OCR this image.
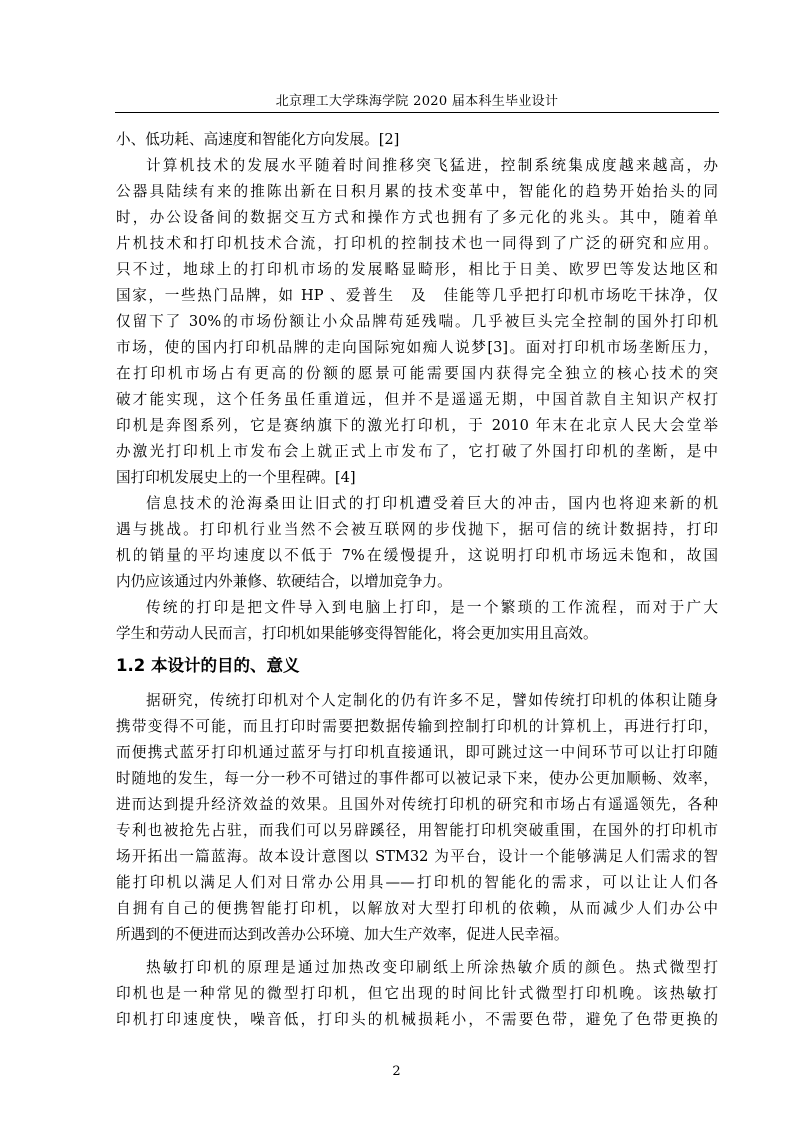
北京理工大学珠海学院 2020 届本科生毕业设计
小、低功耗、高速度和智能化方向发展。[2]
计算机技术的发展水平随着时间推移突飞猛进，控制系统集成度越来越高，办
公器具陆续有来的推陈出新在日积月累的技术变革中，智能化的趋势开始抬头的同
时，办公设备间的数据交互方式和操作方式也拥有了多元化的兆头。其中，随着单
片机技术和打印机技术合流，打印机的控制技术也一同得到了广泛的研究和应用。
只不过，地球上的打印机市场的发展略显畸形，相比于日美、欧罗巴等发达地区和
国家，一些热门品牌，如 HP 、爱普生　及　佳能等几乎把打印机市场吃干抹净，仅
仅留下了 30%的市场份额让小众品牌苟延残喘。几乎被巨头完全控制的国外打印机
市场，使的国内打印机品牌的走向国际宛如痴人说梦[3]。面对打印机市场垄断压力，
在打印机市场占有更高的份额的愿景可能需要国内获得完全独立的核心技术的突
破才能实现，这个任务虽任重道远，但并不是遥遥无期，中国首款自主知识产权打
印机是奔图系列，它是赛纳旗下的激光打印机，于 2010 年末在北京人民大会堂举
办激光打印机上市发布会上就正式上市发布了，它打破了外国打印机的垄断，是中
国打印机发展史上的一个里程碑。[4]
信息技术的沧海桑田让旧式的打印机遭受着巨大的冲击，国内也将迎来新的机
遇与挑战。打印机行业当然不会被互联网的步伐抛下，据可信的统计数据持，打印
机的销量的平均速度以不低于 7%在缓慢提升，这说明打印机市场远未饱和，故国
内仍应该通过内外兼修、软硬结合，以增加竞争力。
传统的打印是把文件导入到电脑上打印，是一个繁琐的工作流程，而对于广大
学生和劳动人民而言，打印机如果能够变得智能化，将会更加实用且高效。
1.2 本设计的目的、意义
据研究，传统打印机对个人定制化的仍有许多不足，譬如传统打印机的体积让随身
携带变得不可能，而且打印时需要把数据传输到控制打印机的计算机上，再进行打印，
而便携式蓝牙打印机通过蓝牙与打印机直接通讯，即可跳过这一中间环节可以让打印随
时随地的发生，每一分一秒不可错过的事件都可以被记录下来，使办公更加顺畅、效率，
进而达到提升经济效益的效果。且国外对传统打印机的研究和市场占有遥遥领先，各种
专利也被抢先占驻，而我们可以另辟蹊径，用智能打印机突破重围，在国外的打印机市
场开拓出一篇蓝海。故本设计意图以 STM32 为平台，设计一个能够满足人们需求的智
能打印机以满足人们对日常办公用具——打印机的智能化的需求，可以让让人们各
自拥有自己的便携智能打印机，以解放对大型打印机的依赖，从而减少人们办公中
所遇到的不便进而达到改善办公环境、加大生产效率，促进人民幸福。
热敏打印机的原理是通过加热改变印刷纸上所涂热敏介质的颜色。热式微型打
印机也是一种常见的微型打印机，但它出现的时间比针式微型打印机晚。该热敏打
印机打印速度快，噪音低，打印头的机械损耗小，不需要色带，避免了色带更换的
2
